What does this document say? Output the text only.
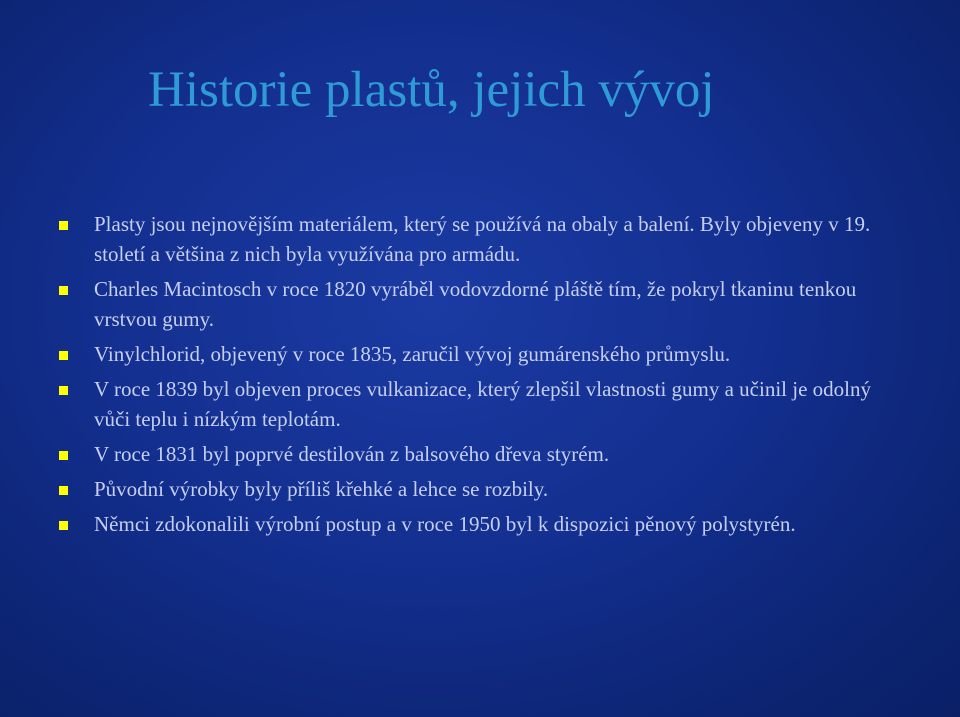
Historie plastů, jejich vývoj
Plasty jsou nejnovějším materiálem, který se používá na obaly a balení. Byly objeveny v 19. století a většina z nich byla využívána pro armádu.
Charles Macintosch v roce 1820 vyráběl vodovzdorné pláště tím, že pokryl tkaninu tenkou vrstvou gumy.
Vinylchlorid, objevený v roce 1835, zaručil vývoj gumárenského průmyslu.
V roce 1839 byl objeven proces vulkanizace, který zlepšil vlastnosti gumy a učinil je odolný vůči teplu i nízkým teplotám.
V roce 1831 byl poprvé destilován z balsového dřeva styrém.
Původní výrobky byly příliš křehké a lehce se rozbily.
Němci zdokonalili výrobní postup a v roce 1950 byl k dispozici pěnový polystyrén.
